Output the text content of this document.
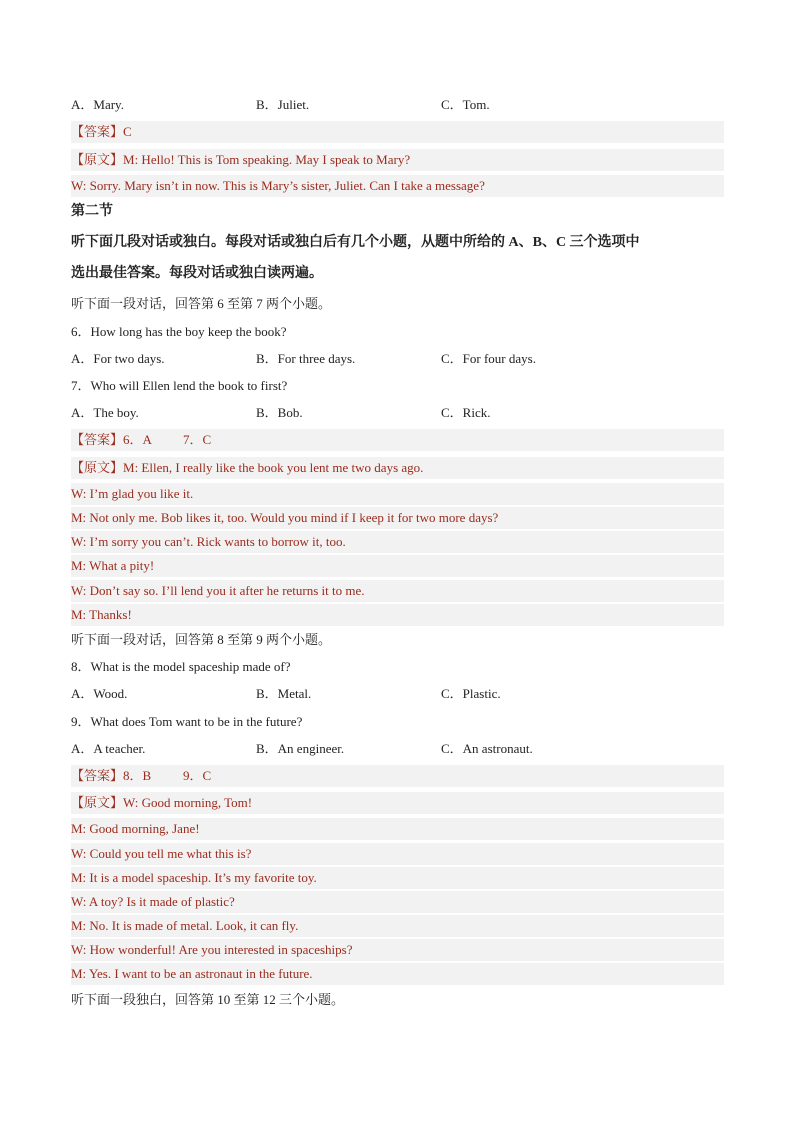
A．Mary.	B．Juliet.	C．Tom.
【答案】C
【原文】M: Hello! This is Tom speaking. May I speak to Mary?
W: Sorry. Mary isn’t in now. This is Mary’s sister, Juliet. Can I take a message?
第二节
听下面几段对话或独白。每段对话或独白后有几个小题，从题中所给的 A、B、C 三个选项中
选出最佳答案。每段对话或独白读两遍。
听下面一段对话，回答第 6 至第 7 两个小题。
6．How long has the boy keep the book?
A．For two days.	B．For three days.	C．For four days.
7．Who will Ellen lend the book to first?
A．The boy.	B．Bob.	C．Rick.
【答案】6．A 7．C
【原文】M: Ellen, I really like the book you lent me two days ago.
W: I’m glad you like it.
M: Not only me. Bob likes it, too. Would you mind if I keep it for two more days?
W: I’m sorry you can’t. Rick wants to borrow it, too.
M: What a pity!
W: Don’t say so. I’ll lend you it after he returns it to me.
M: Thanks!
听下面一段对话，回答第 8 至第 9 两个小题。
8．What is the model spaceship made of?
A．Wood.	B．Metal.	C．Plastic.
9．What does Tom want to be in the future?
A．A teacher.	B．An engineer.	C．An astronaut.
【答案】8．B 9．C
【原文】W: Good morning, Tom!
M: Good morning, Jane!
W: Could you tell me what this is?
M: It is a model spaceship. It’s my favorite toy.
W: A toy? Is it made of plastic?
M: No. It is made of metal. Look, it can fly.
W: How wonderful! Are you interested in spaceships?
M: Yes. I want to be an astronaut in the future.
听下面一段独白，回答第 10 至第 12 三个小题。
